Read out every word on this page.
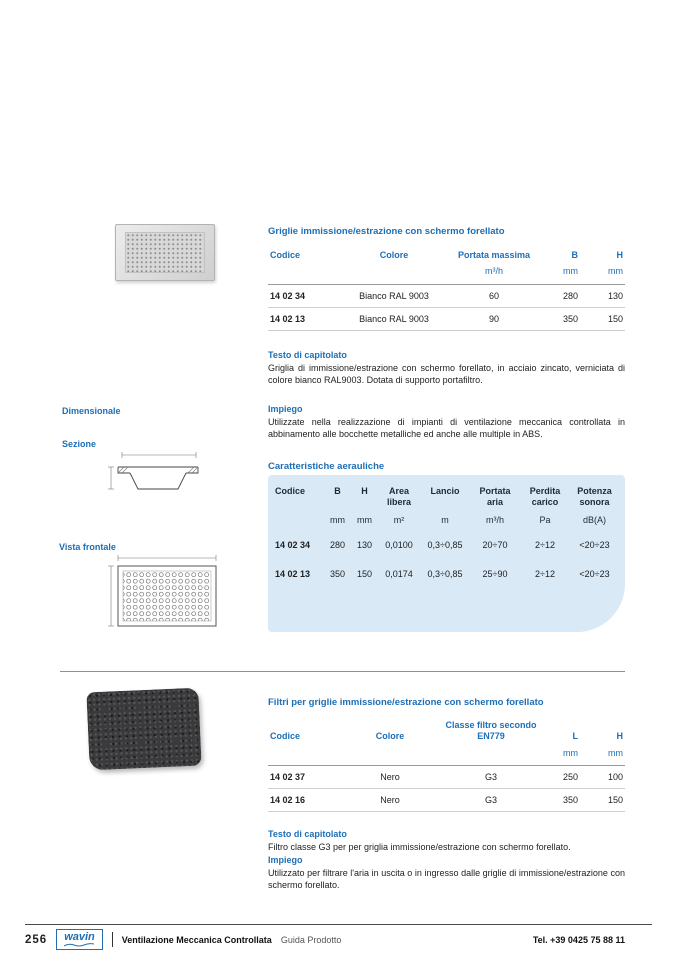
Griglie immissione/estrazione con schermo forellato
Codice	Colore	Portata massima	B	H
		m³/h	mm	mm
14 02 34	Bianco RAL 9003	60	280	130
14 02 13	Bianco RAL 9003	90	350	150
Testo di capitolato
Griglia di immissione/estrazione con schermo forellato, in acciaio zincato, verniciata di colore bianco RAL9003. Dotata di supporto portafiltro.
Impiego
Utilizzate nella realizzazione di impianti di ventilazione meccanica controllata in abbinamento alle bocchette metalliche ed anche alle multiple in ABS.
Dimensionale
Sezione
Vista frontale
Caratteristiche aerauliche
Codice	B	H	Area libera	Lancio	Portata aria	Perdita carico	Potenza sonora
	mm	mm	m²	m	m³/h	Pa	dB(A)
14 02 34	280	130	0,0100	0,3÷0,85	20÷70	2÷12	<20÷23
14 02 13	350	150	0,0174	0,3÷0,85	25÷90	2÷12	<20÷23
Filtri per griglie immissione/estrazione con schermo forellato
Codice	Colore	Classe filtro secondo EN779	L	H
			mm	mm
14 02 37	Nero	G3	250	100
14 02 16	Nero	G3	350	150
Testo di capitolato
Filtro classe G3 per per griglia immissione/estrazione con schermo forellato.
Impiego
Utilizzato per filtrare l'aria in uscita o in ingresso dalle griglie di immissione/estrazione con schermo forellato.
256 wavin	Ventilazione Meccanica Controllata Guida Prodotto	Tel. +39 0425 75 88 11
